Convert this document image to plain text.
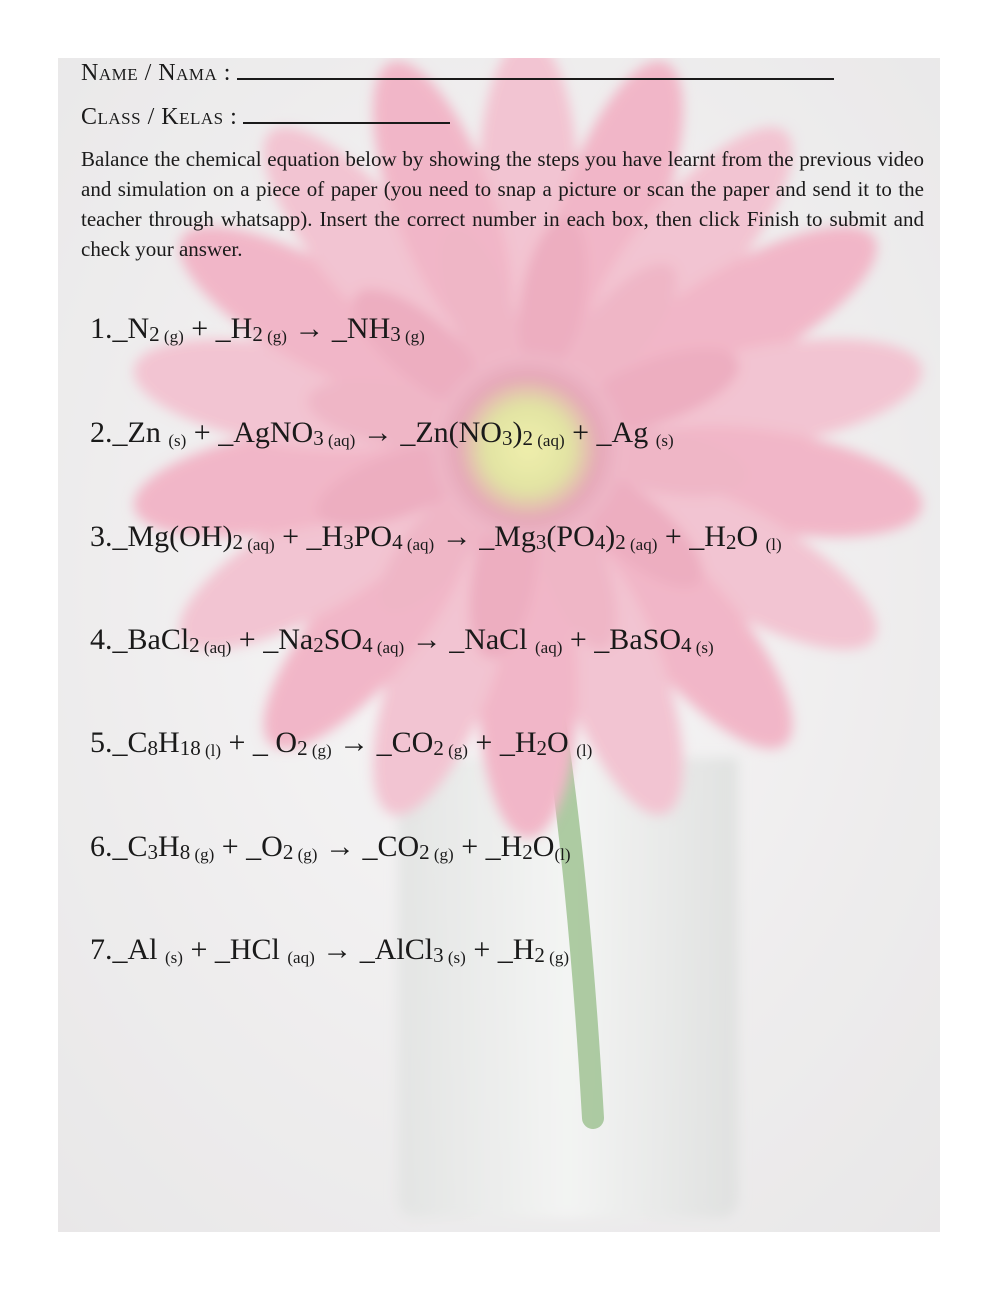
Name / Nama :
Class / Kelas :

Balance the chemical equation below by showing the steps you have learnt from the previous video and simulation on a piece of paper (you need to snap a picture or scan the paper and send it to the teacher through whatsapp). Insert the correct number in each box, then click Finish to submit and check your answer.

$1.\_N_2$ $(g) + \_H_2$ $(g) \to \_NH_3$ (g)
2._Zn (s) + _AgNO$_3$ $(aq) \to \_Zn(NO_3)_2$ (aq) + _Ag (s)
$3.\_Mg(OH)_2$ $(aq) + \_H_3PO_4$ $(aq) \to \_Mg_3(PO_4)_2$ $(aq) + \_H_2O$ (l)
4._BaCl$_2$ $(aq) + \_Na_2SO_4$ (aq) → _NaCl (aq) + _BaSO$_4$ (s)
$5.\_C_8H_{18}$ (l) + _ $O_2$ $(g) \to \_CO_2$ $(g) + \_H_2O$ (l)
$6.\_C_3H_8$ $(g) + \_O_2$ $(g) \to \_CO_2$ $(g) + \_H_2O(l)$
7._Al (s) + _HCl (aq) → _AlCl$_3$ $(s) + \_H_2$ (g)
